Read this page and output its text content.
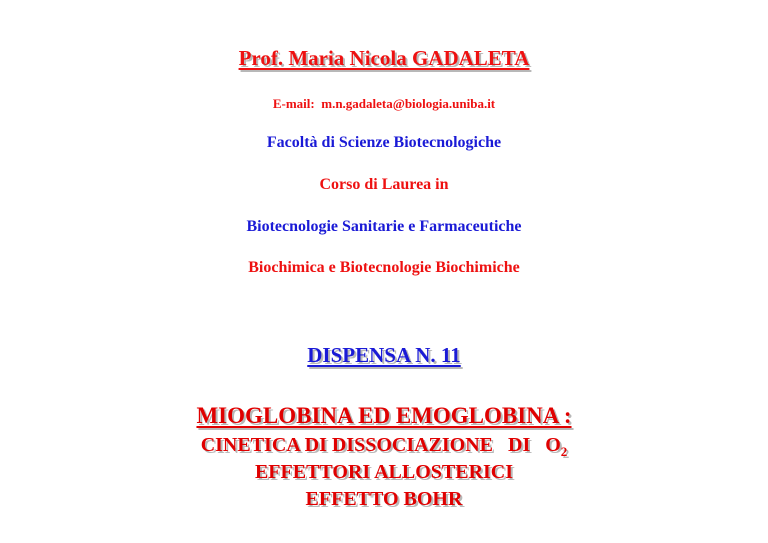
Prof. Maria Nicola GADALETA
E-mail: m.n.gadaleta@biologia.uniba.it
Facoltà di Scienze Biotecnologiche
Corso di Laurea in
Biotecnologie Sanitarie e Farmaceutiche
Biochimica e Biotecnologie Biochimiche
DISPENSA N. 11
MIOGLOBINA ED EMOGLOBINA :
CINETICA DI DISSOCIAZIONE   DI   $O_2$
EFFETTORI ALLOSTERICI
EFFETTO BOHR
